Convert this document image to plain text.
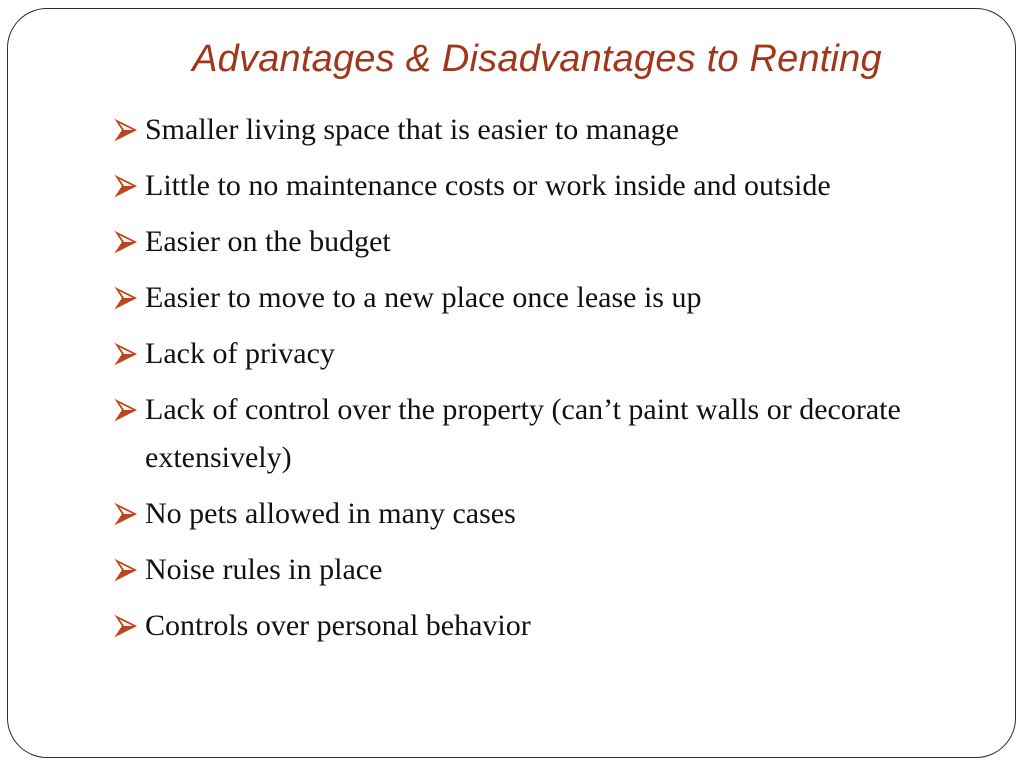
Advantages & Disadvantages to Renting
Smaller living space that is easier to manage
Little to no maintenance costs or work inside and outside
Easier on the budget
Easier to move to a new place once lease is up
Lack of privacy
Lack of control over the property (can’t paint walls or decorate extensively)
No pets allowed in many cases
Noise rules in place
Controls over personal behavior
